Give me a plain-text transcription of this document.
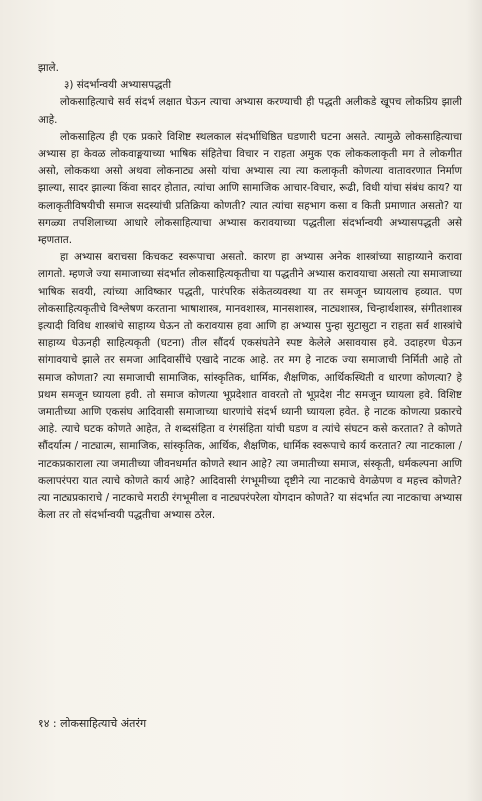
झाले.

३) संदर्भान्वयी अभ्यासपद्धती

लोकसाहित्याचे सर्व संदर्भ लक्षात घेऊन त्याचा अभ्यास करण्याची ही पद्धती अलीकडे खूपच लोकप्रिय झाली आहे.

लोकसाहित्य ही एक प्रकारे विशिष्ट स्थलकाल संदर्भाधिष्ठित घडणारी घटना असते. त्यामुळे लोकसाहित्याचा अभ्यास हा केवळ लोकवाङ्मयाच्या भाषिक संहितेचा विचार न राहता अमुक एक लोककलाकृती मग ते लोकगीत असो, लोककथा असो अथवा लोकनाट्य असो यांचा अभ्यास त्या त्या कलाकृती कोणत्या वातावरणात निर्माण झाल्या, सादर झाल्या किंवा सादर होतात, त्यांचा आणि सामाजिक आचार-विचार, रूढी, विधी यांचा संबंध काय? या कलाकृतीविषयीची समाज सदस्यांची प्रतिक्रिया कोणती? त्यात त्यांचा सहभाग कसा व किती प्रमाणात असतो? या सगळ्या तपशिलाच्या आधारे लोकसाहित्याचा अभ्यास करावयाच्या पद्धतीला संदर्भान्वयी अभ्यासपद्धती असे म्हणतात.

हा अभ्यास बराचसा किचकट स्वरूपाचा असतो. कारण हा अभ्यास अनेक शास्त्रांच्या साहाय्याने करावा लागतो. म्हणजे ज्या समाजाच्या संदर्भात लोकसाहित्यकृतीचा या पद्धतीने अभ्यास करावयाचा असतो त्या समाजाच्या भाषिक सवयी, त्यांच्या आविष्कार पद्धती, पारंपरिक संकेतव्यवस्था या तर समजून घ्यायलाच हव्यात. पण लोकसाहित्यकृतीचे विश्लेषण करताना भाषाशास्त्र, मानवशास्त्र, मानसशास्त्र, नाट्यशास्त्र, चिन्हार्थशास्त्र, संगीतशास्त्र इत्यादी विविध शास्त्रांचे साहाय्य घेऊन तो करावयास हवा आणि हा अभ्यास पुन्हा सुटासुटा न राहता सर्व शास्त्रांचे साहाय्य घेऊनही साहित्यकृती (घटना) तील सौंदर्य एकसंघतेने स्पष्ट केलेले असावयास हवे. उदाहरण घेऊन सांगावयाचे झाले तर समजा आदिवासींचे एखादे नाटक आहे. तर मग हे नाटक ज्या समाजाची निर्मिती आहे तो समाज कोणता? त्या समाजाची सामाजिक, सांस्कृतिक, धार्मिक, शैक्षणिक, आर्थिकस्थिती व धारणा कोणत्या? हे प्रथम समजून घ्यायला हवी. तो समाज कोणत्या भूप्रदेशात वावरतो तो भूप्रदेश नीट समजून घ्यायला हवे. विशिष्ट जमातीच्या आणि एकसंघ आदिवासी समाजाच्या धारणांचे संदर्भ ध्यानी घ्यायला हवेत. हे नाटक कोणत्या प्रकारचे आहे. त्याचे घटक कोणते आहेत, ते शब्दसंहिता व रंगसंहिता यांची घडण व त्यांचे संघटन कसे करतात? ते कोणते सौंदर्यात्म / नाट्यात्म, सामाजिक, सांस्कृतिक, आर्थिक, शैक्षणिक, धार्मिक स्वरूपाचे कार्य करतात? त्या नाटकाला / नाटकप्रकाराला त्या जमातीच्या जीवनधर्मात कोणते स्थान आहे? त्या जमातीच्या समाज, संस्कृती, धर्मकल्पना आणि कलापरंपरा यात त्याचे कोणते कार्य आहे? आदिवासी रंगभूमीच्या दृष्टीने त्या नाटकाचे वेगळेपण व महत्त्व कोणते? त्या नाट्यप्रकाराचे / नाटकाचे मराठी रंगभूमीला व नाट्यपरंपरेला योगदान कोणते? या संदर्भात त्या नाटकाचा अभ्यास केला तर तो संदर्भान्वयी पद्धतीचा अभ्यास ठरेल.

१४ : लोकसाहित्याचे अंतरंग
